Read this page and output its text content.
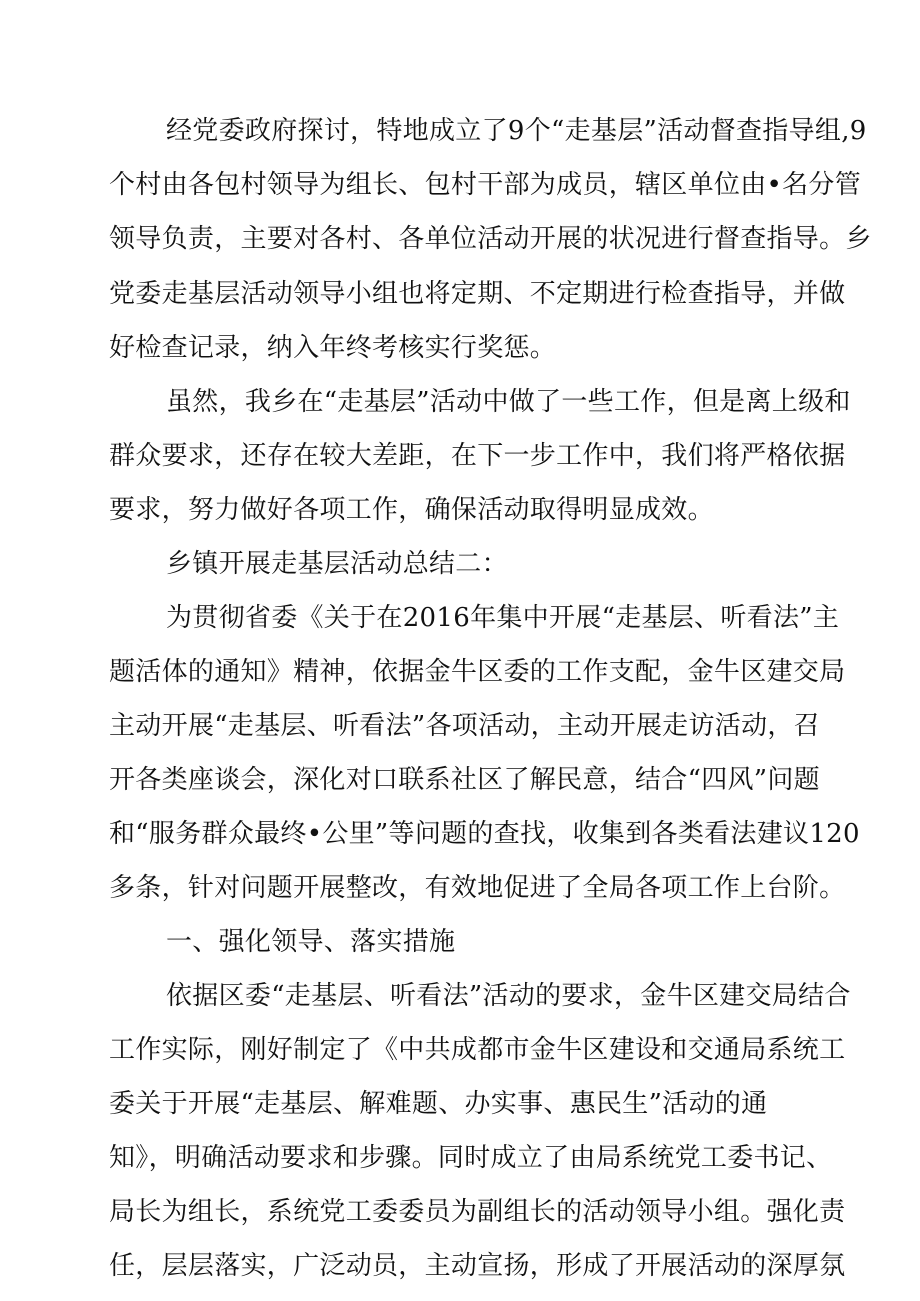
经党委政府探讨，特地成立了9个“走基层”活动督查指导组,9
个村由各包村领导为组长、包村干部为成员，辖区单位由•名分管
领导负责，主要对各村、各单位活动开展的状况进行督查指导。乡
党委走基层活动领导小组也将定期、不定期进行检查指导，并做
好检查记录，纳入年终考核实行奖惩。
虽然，我乡在“走基层”活动中做了一些工作，但是离上级和
群众要求，还存在较大差距，在下一步工作中，我们将严格依据
要求，努力做好各项工作，确保活动取得明显成效。
乡镇开展走基层活动总结二：
为贯彻省委《关于在2016年集中开展“走基层、听看法”主
题活体的通知》精神，依据金牛区委的工作支配，金牛区建交局
主动开展“走基层、听看法”各项活动，主动开展走访活动，召
开各类座谈会，深化对口联系社区了解民意，结合“四风”问题
和“服务群众最终•公里”等问题的查找，收集到各类看法建议120
多条，针对问题开展整改，有效地促进了全局各项工作上台阶。
一、强化领导、落实措施
依据区委“走基层、听看法”活动的要求，金牛区建交局结合
工作实际，刚好制定了《中共成都市金牛区建设和交通局系统工
委关于开展“走基层、解难题、办实事、惠民生”活动的通
知》，明确活动要求和步骤。同时成立了由局系统党工委书记、
局长为组长，系统党工委委员为副组长的活动领导小组。强化责
任，层层落实，广泛动员，主动宣扬，形成了开展活动的深厚氛
